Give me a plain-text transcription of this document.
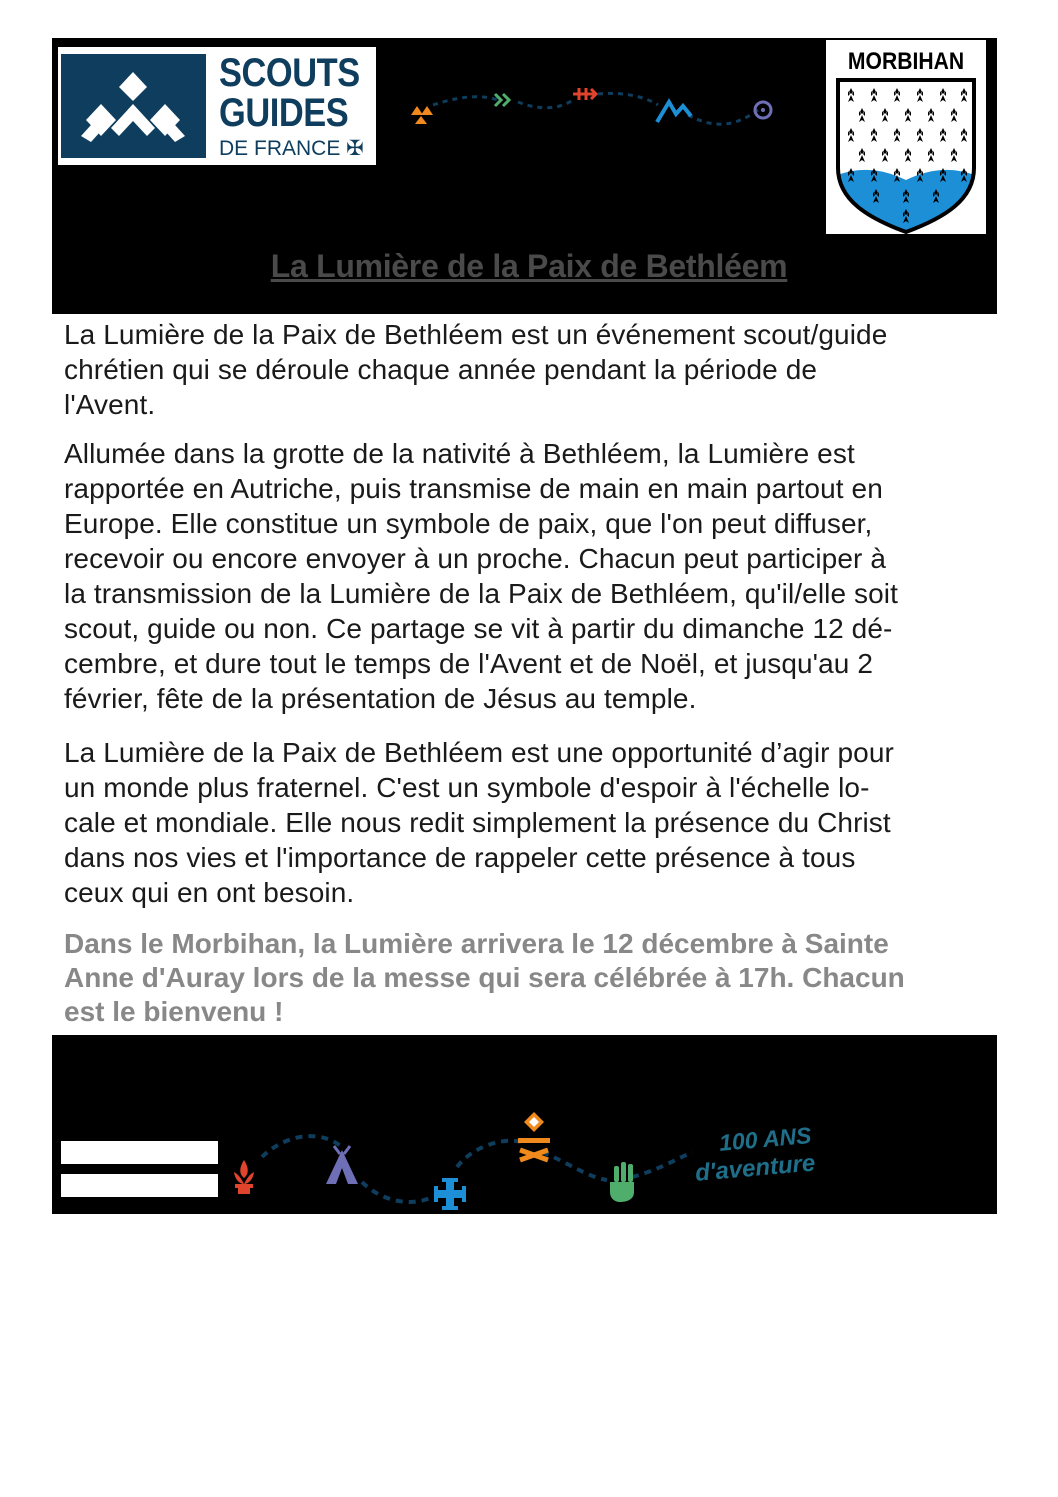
SCOUTS
GUIDES
DE FRANCE ✠
MORBIHAN
La Lumière de la Paix de Bethléem

La Lumière de la Paix de Bethléem est un événement scout/guide
chrétien qui se déroule chaque année pendant la période de
l'Avent.

Allumée dans la grotte de la nativité à Bethléem, la Lumière est
rapportée en Autriche, puis transmise de main en main partout en
Europe. Elle constitue un symbole de paix, que l'on peut diffuser,
recevoir ou encore envoyer à un proche. Chacun peut participer à
la transmission de la Lumière de la Paix de Bethléem, qu'il/elle soit
scout, guide ou non. Ce partage se vit à partir du dimanche 12 dé-
cembre, et dure tout le temps de l'Avent et de Noël, et jusqu'au 2
février, fête de la présentation de Jésus au temple.

La Lumière de la Paix de Bethléem est une opportunité d’agir pour
un monde plus fraternel. C'est un symbole d'espoir à l'échelle lo-
cale et mondiale. Elle nous redit simplement la présence du Christ
dans nos vies et l'importance de rappeler cette présence à tous
ceux qui en ont besoin.

Dans le Morbihan, la Lumière arrivera le 12 décembre à Sainte
Anne d'Auray lors de la messe qui sera célébrée à 17h. Chacun
est le bienvenu !

100 ANS
d'aventure
